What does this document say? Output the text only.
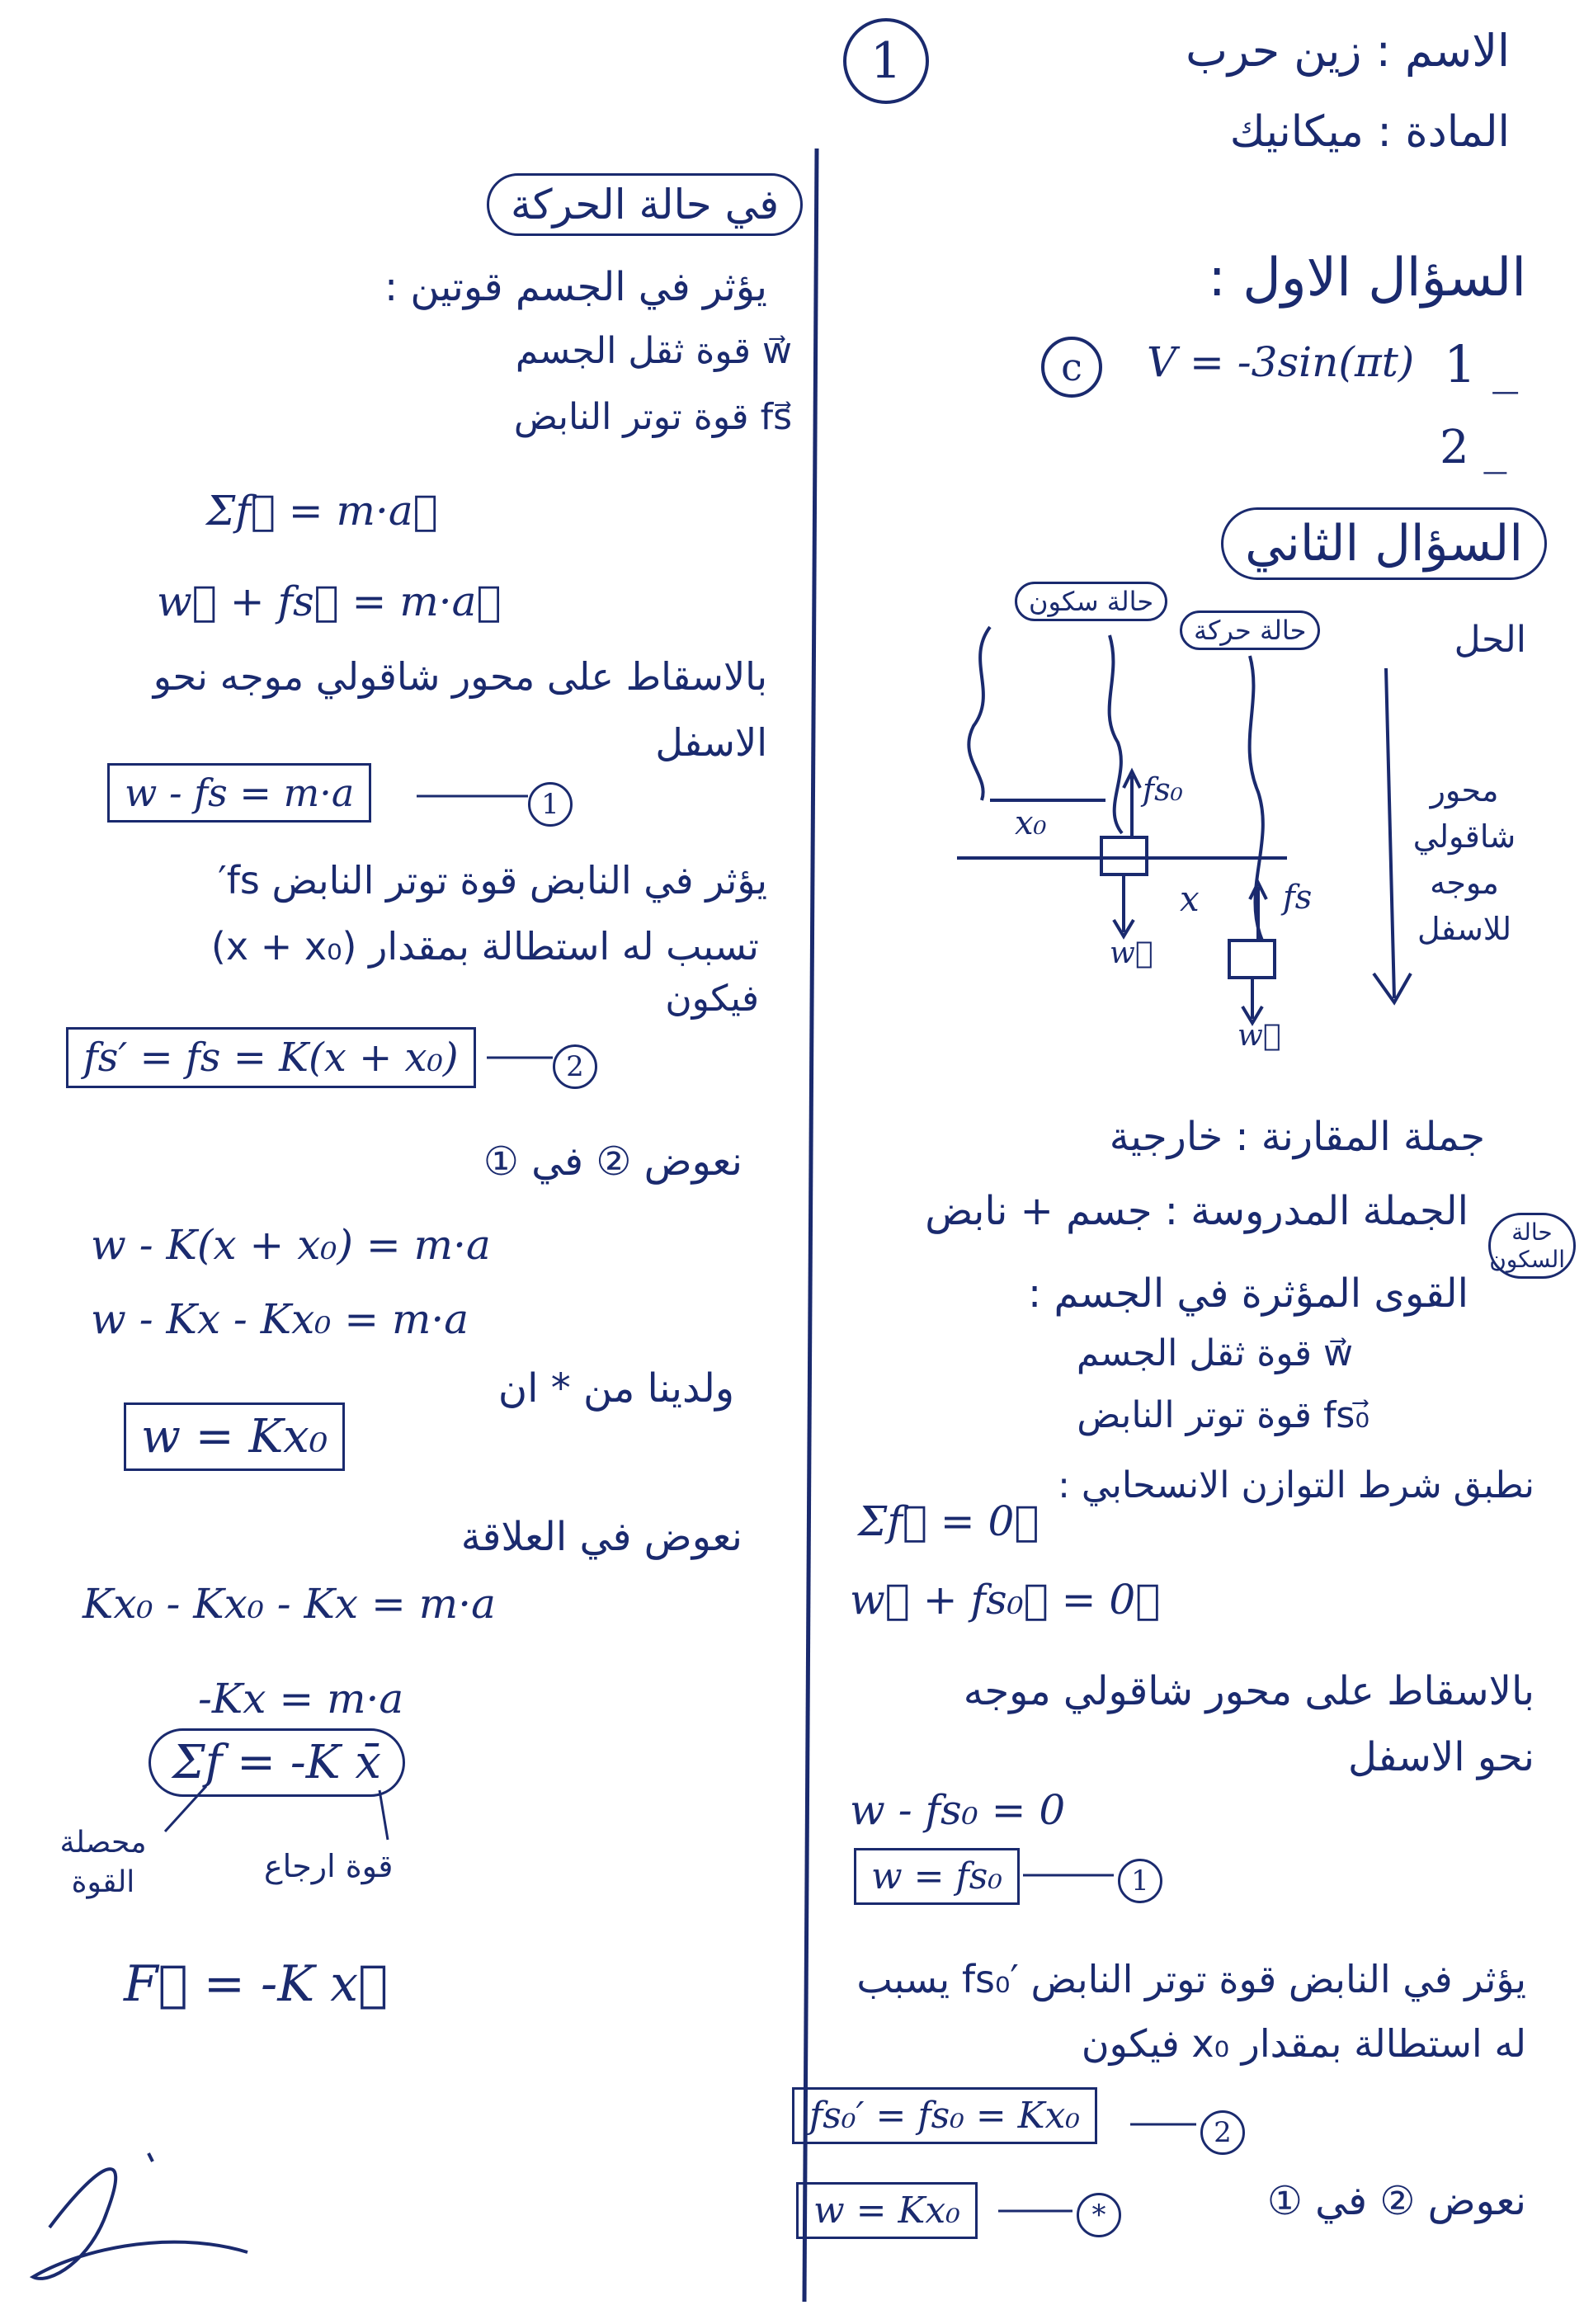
1	الاسم : زين حرب
المادة : ميكانيك
السؤال الاول :
V = -3sin(πt) 1 _
c
2 _
السؤال الثاني
الحل
حالة سكون
حالة حركة
محور شاقولي موجه للاسفل
x₀
fs₀
x	fs
w⃗
w⃗
جملة المقارنة : خارجية
الجملة المدروسة : جسم + نابض	حالة السكون
القوى المؤثرة في الجسم :
w⃗ قوة ثقل الجسم
fs₀⃗ قوة توتر النابض
نطبق شرط التوازن الانسحابي :
Σf⃗ = 0⃗
w⃗ + fs₀⃗ = 0⃗
بالاسقاط على محور شاقولي موجه نحو الاسفل
w - fs₀ = 0
w = fs₀	1
يؤثر في النابض قوة توتر النابض fs₀′ يسبب له استطالة بمقدار x₀ فيكون
fs₀′ = fs₀ = Kx₀	2
نعوض ② في ①
w = Kx₀	*
في حالة الحركة
يؤثر في الجسم قوتين :
w⃗ قوة ثقل الجسم
fs⃗ قوة توتر النابض
Σf⃗ = m·a⃗
w⃗ + fs⃗ = m·a⃗
بالاسقاط على محور شاقولي موجه نحو الاسفل
w - fs = m·a	1
يؤثر في النابض قوة توتر النابض fs′
تسبب له استطالة بمقدار (x + x₀)
فيكون
fs′ = fs = K(x + x₀)	2
نعوض ② في ①
w - K(x + x₀) = m·a
w - Kx - Kx₀ = m·a
ولدينا من * ان
w = Kx₀
نعوض في العلاقة
Kx₀ - Kx₀ - Kx = m·a
-Kx = m·a
Σf = -K x̄
محصلة القوة	قوة ارجاع
F⃗ = -K x⃗
